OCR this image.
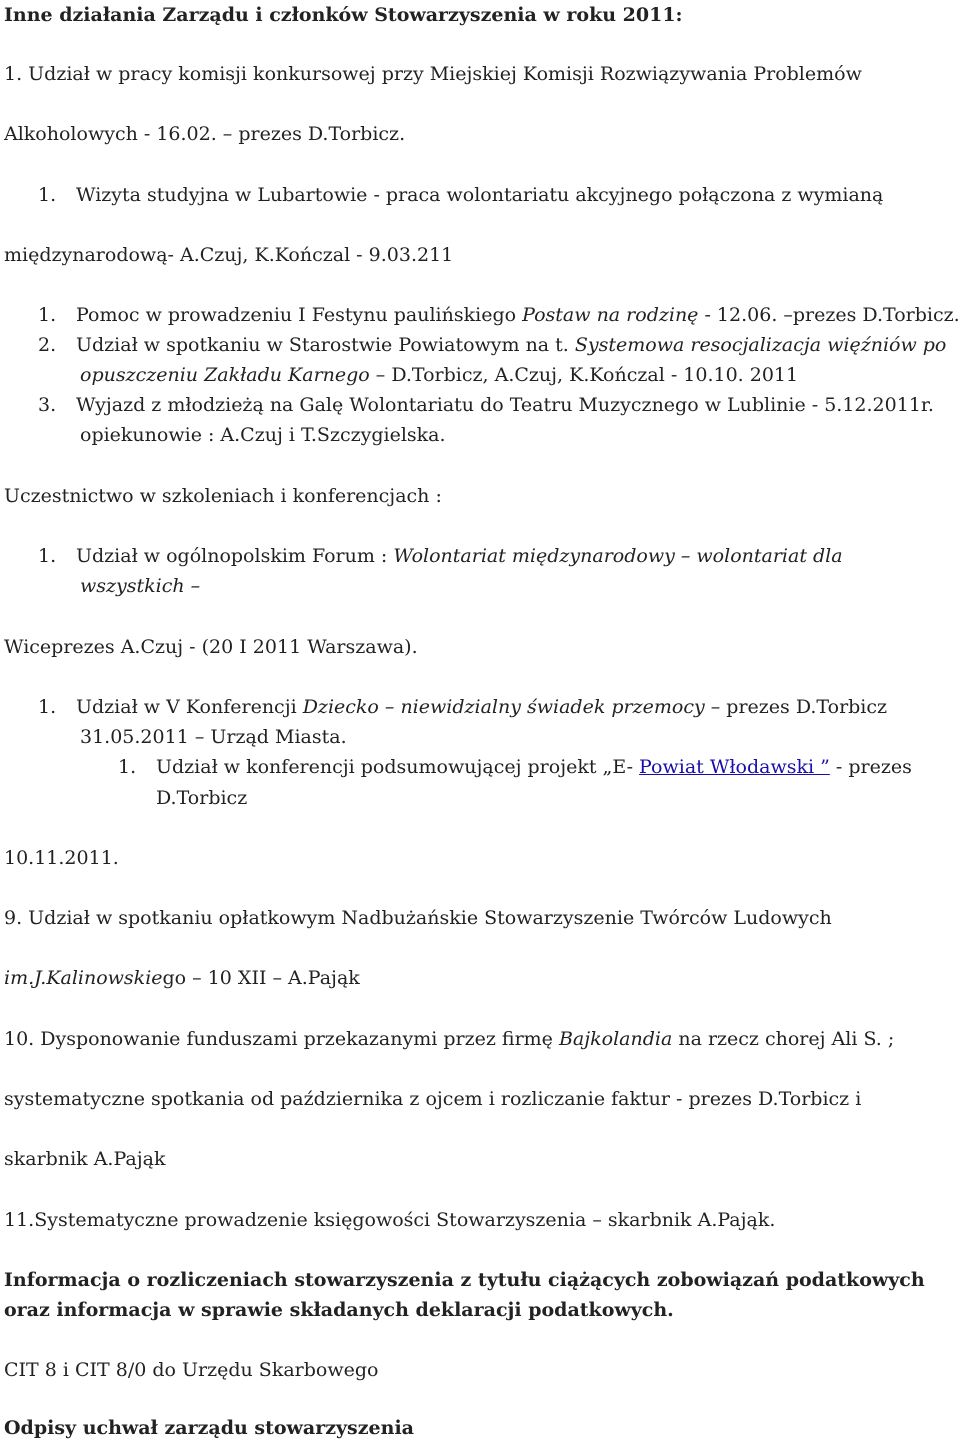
Inne działania Zarządu i członków Stowarzyszenia w roku 2011:

1. Udział w pracy komisji konkursowej przy Miejskiej Komisji Rozwiązywania Problemów

Alkoholowych - 16.02. – prezes D.Torbicz.

1. Wizyta studyjna w Lubartowie - praca wolontariatu akcyjnego połączona z wymianą

międzynarodową- A.Czuj, K.Kończal - 9.03.211

1. Pomoc w prowadzeniu I Festynu paulińskiego Postaw na rodzinę - 12.06. –prezes D.Torbicz.

2. Udział w spotkaniu w Starostwie Powiatowym na t. Systemowa resocjalizacja więźniów po

opuszczeniu Zakładu Karnego – D.Torbicz, A.Czuj, K.Kończal - 10.10. 2011

3. Wyjazd z młodzieżą na Galę Wolontariatu do Teatru Muzycznego w Lublinie - 5.12.2011r.

opiekunowie : A.Czuj i T.Szczygielska.

Uczestnictwo w szkoleniach i konferencjach :

1. Udział w ogólnopolskim Forum : Wolontariat międzynarodowy – wolontariat dla

wszystkich –

Wiceprezes A.Czuj - (20 I 2011 Warszawa).

1. Udział w V Konferencji Dziecko – niewidzialny świadek przemocy – prezes D.Torbicz

31.05.2011 – Urząd Miasta.

1. Udział w konferencji podsumowującej projekt „E- Powiat Włodawski ” - prezes

D.Torbicz

10.11.2011.

9. Udział w spotkaniu opłatkowym Nadbużańskie Stowarzyszenie Twórców Ludowych

im.J.Kalinowskiego – 10 XII – A.Pająk

10. Dysponowanie funduszami przekazanymi przez firmę Bajkolandia na rzecz chorej Ali S. ;

systematyczne spotkania od października z ojcem i rozliczanie faktur - prezes D.Torbicz i

skarbnik A.Pająk

11.Systematyczne prowadzenie księgowości Stowarzyszenia – skarbnik A.Pająk.

Informacja o rozliczeniach stowarzyszenia z tytułu ciążących zobowiązań podatkowych

oraz informacja w sprawie składanych deklaracji podatkowych.

CIT 8 i CIT 8/0 do Urzędu Skarbowego

Odpisy uchwał zarządu stowarzyszenia
